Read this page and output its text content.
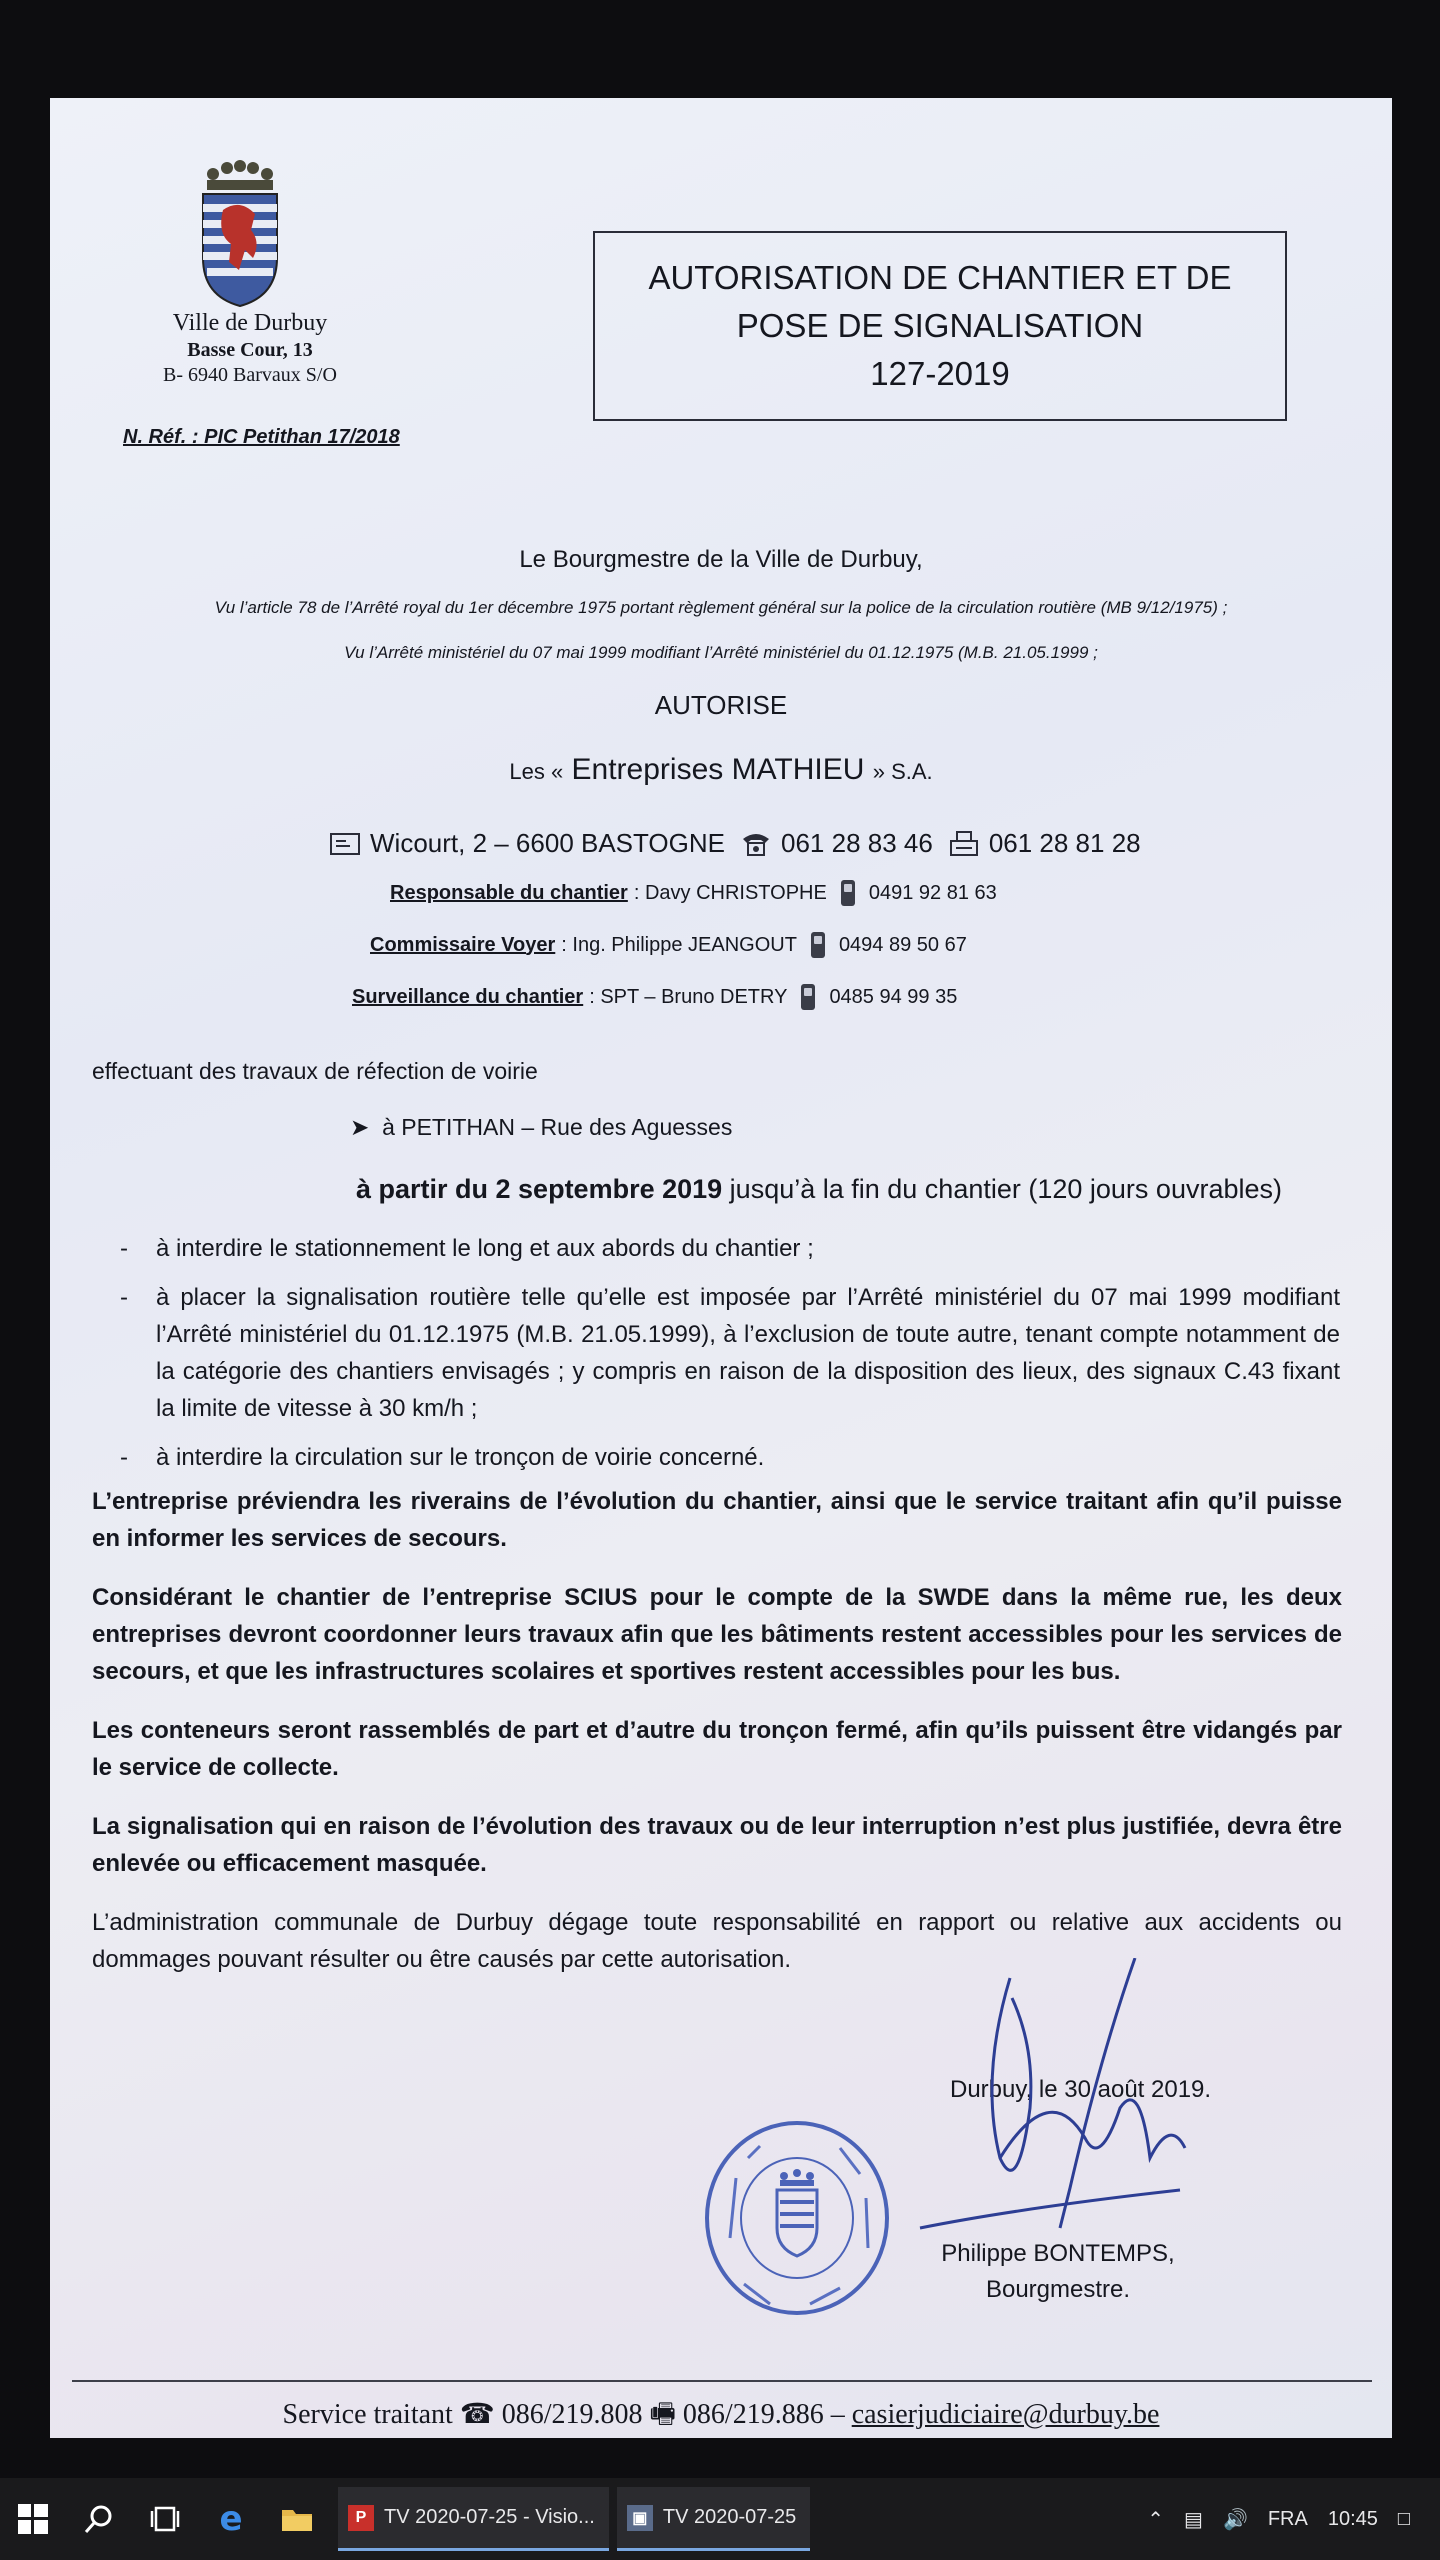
Ville de Durbuy
Basse Cour, 13
B- 6940 Barvaux S/O
N. Réf. : PIC Petithan 17/2018
AUTORISATION DE CHANTIER ET DE
POSE DE SIGNALISATION
127-2019
Le Bourgmestre de la Ville de Durbuy,
Vu l’article 78 de l’Arrêté royal du 1er décembre 1975 portant règlement général sur la police de la circulation routière (MB 9/12/1975) ;
Vu l’Arrêté ministériel du 07 mai 1999 modifiant l’Arrêté ministériel du 01.12.1975 (M.B. 21.05.1999 ;
AUTORISE
Les « Entreprises MATHIEU » S.A.
Wicourt, 2 – 6600 BASTOGNE 061 28 83 46 061 28 81 28
Responsable du chantier : Davy CHRISTOPHE 0491 92 81 63
Commissaire Voyer : Ing. Philippe JEANGOUT 0494 89 50 67
Surveillance du chantier : SPT – Bruno DETRY 0485 94 99 35
effectuant des travaux de réfection de voirie
➤  à PETITHAN – Rue des Aguesses
à partir du 2 septembre 2019 jusqu’à la fin du chantier (120 jours ouvrables)
-	à interdire le stationnement le long et aux abords du chantier ;
-	à placer la signalisation routière telle qu’elle est imposée par l’Arrêté ministériel du 07 mai 1999 modifiant l’Arrêté ministériel du 01.12.1975 (M.B. 21.05.1999), à l’exclusion de toute autre, tenant compte notamment de la catégorie des chantiers envisagés ; y compris en raison de la disposition des lieux, des signaux C.43 fixant la limite de vitesse à 30 km/h ;
-	à interdire la circulation sur le tronçon de voirie concerné.
L’entreprise préviendra les riverains de l’évolution du chantier, ainsi que le service traitant afin qu’il puisse en informer les services de secours.
Considérant le chantier de l’entreprise SCIUS pour le compte de la SWDE dans la même rue, les deux entreprises devront coordonner leurs travaux afin que les bâtiments restent accessibles pour les services de secours, et que les infrastructures scolaires et sportives restent accessibles pour les bus.
Les conteneurs seront rassemblés de part et d’autre du tronçon fermé, afin qu’ils puissent être vidangés par le service de collecte.
La signalisation qui en raison de l’évolution des travaux ou de leur interruption n’est plus justifiée, devra être enlevée ou efficacement masquée.
L’administration communale de Durbuy dégage toute responsabilité en rapport ou relative aux accidents ou dommages pouvant résulter ou être causés par cette autorisation.
Durbuy, le 30 août 2019.
Philippe BONTEMPS,
Bourgmestre.
Service traitant ☎ 086/219.808 🖷 086/219.886 – casierjudiciaire@durbuy.be
e	P TV 2020-07-25 - Visio...	▣ TV 2020-07-25	⌃ ▤ 🔊 FRA 10:45 □
